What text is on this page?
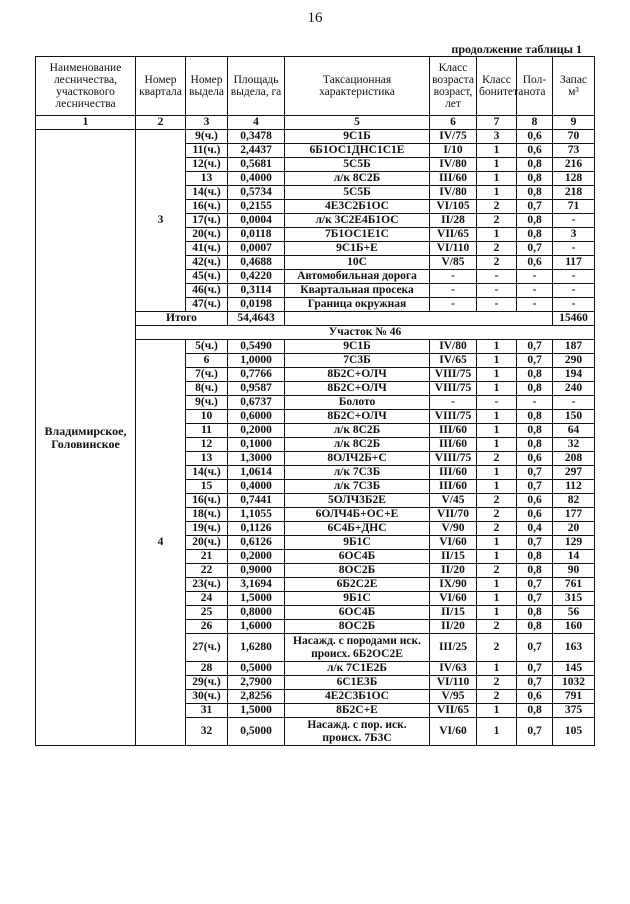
16
продолжение таблицы 1
Наименование лесничества, участкового лесничества	Номер квартала	Номер выдела	Площадь выдела, га	Таксационная характеристика	Класс возраста возраст, лет	Класс бонитета	Пол-нота	Запас м³
1	2	3	4	5	6	7	8	9
Владимирское, Головинское	3	9(ч.)	0,3478	9С1Б	IV/75	3	0,6	70
		11(ч.)	2,4437	6Б1ОС1ДНС1С1Е	I/10	1	0,6	73
		12(ч.)	0,5681	5С5Б	IV/80	1	0,8	216
		13	0,4000	л/к 8С2Б	III/60	1	0,8	128
		14(ч.)	0,5734	5С5Б	IV/80	1	0,8	218
		16(ч.)	0,2155	4Е3С2Б1ОС	VI/105	2	0,7	71
		17(ч.)	0,0004	л/к 3С2Е4Б1ОС	II/28	2	0,8	-
		20(ч.)	0,0118	7Б1ОС1Е1С	VII/65	1	0,8	3
		41(ч.)	0,0007	9С1Б+Е	VI/110	2	0,7	-
		42(ч.)	0,4688	10С	V/85	2	0,6	117
		45(ч.)	0,4220	Автомобильная дорога	-	-	-	-
		46(ч.)	0,3114	Квартальная просека	-	-	-	-
		47(ч.)	0,0198	Граница окружная	-	-	-	-
	Итого		54,4643					15460
	Участок № 46							
	4	5(ч.)	0,5490	9С1Б	IV/80	1	0,7	187
		6	1,0000	7С3Б	IV/65	1	0,7	290
		7(ч.)	0,7766	8Б2С+ОЛЧ	VIII/75	1	0,8	194
		8(ч.)	0,9587	8Б2С+ОЛЧ	VIII/75	1	0,8	240
		9(ч.)	0,6737	Болото	-	-	-	-
		10	0,6000	8Б2С+ОЛЧ	VIII/75	1	0,8	150
		11	0,2000	л/к 8С2Б	III/60	1	0,8	64
		12	0,1000	л/к 8С2Б	III/60	1	0,8	32
		13	1,3000	8ОЛЧ2Б+С	VIII/75	2	0,6	208
		14(ч.)	1,0614	л/к 7С3Б	III/60	1	0,7	297
		15	0,4000	л/к 7С3Б	III/60	1	0,7	112
		16(ч.)	0,7441	5ОЛЧ3Б2Е	V/45	2	0,6	82
		18(ч.)	1,1055	6ОЛЧ4Б+ОС+Е	VII/70	2	0,6	177
		19(ч.)	0,1126	6С4Б+ДНС	V/90	2	0,4	20
		20(ч.)	0,6126	9Б1С	VI/60	1	0,7	129
		21	0,2000	6ОС4Б	II/15	1	0,8	14
		22	0,9000	8ОС2Б	II/20	2	0,8	90
		23(ч.)	3,1694	6Б2С2Е	IX/90	1	0,7	761
		24	1,5000	9Б1С	VI/60	1	0,7	315
		25	0,8000	6ОС4Б	II/15	1	0,8	56
		26	1,6000	8ОС2Б	II/20	2	0,8	160
		27(ч.)	1,6280	Насажд. с породами иск. происх. 6Б2ОС2Е	III/25	2	0,7	163
		28	0,5000	л/к 7С1Е2Б	IV/63	1	0,7	145
		29(ч.)	2,7900	6С1Е3Б	VI/110	2	0,7	1032
		30(ч.)	2,8256	4Е2С3Б1ОС	V/95	2	0,6	791
		31	1,5000	8Б2С+Е	VII/65	1	0,8	375
		32	0,5000	Насажд. с пор. иск. происх. 7Б3С	VI/60	1	0,7	105
